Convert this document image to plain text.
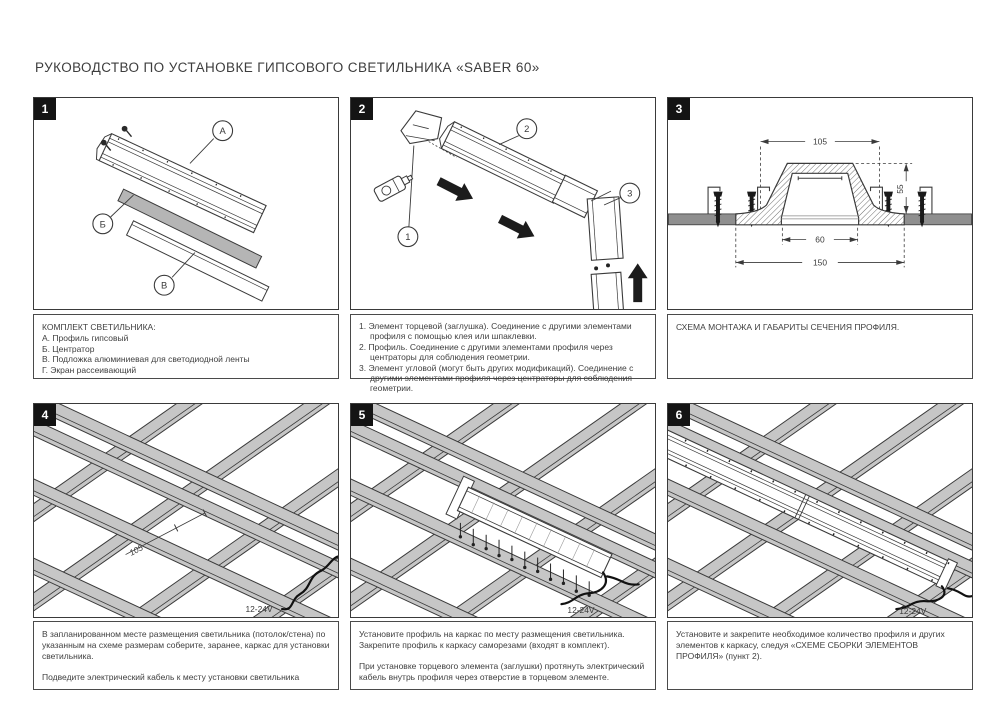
РУКОВОДСТВО ПО УСТАНОВКЕ ГИПСОВОГО СВЕТИЛЬНИКА «SABER 60»
1
А
Б
В
2
1
2
3
3
105
55
60
150
4
105
12-24V
5
12-24V
6
12-24V
КОМПЛЕКТ СВЕТИЛЬНИКА:
А. Профиль гипсовый
Б. Центратор
В. Подложка алюминиевая для светодиодной ленты
Г. Экран рассеивающий
1. Элемент торцевой (заглушка). Соединение с другими элементами профиля с помощью клея или шпаклевки.
2. Профиль. Соединение с другими элементами профиля через центраторы для соблюдения геометрии.
3. Элемент угловой (могут быть других модификаций). Соединение с другими элементами профиля через центраторы для соблюдения геометрии.
СХЕМА МОНТАЖА И ГАБАРИТЫ СЕЧЕНИЯ ПРОФИЛЯ.

В запланированном месте размещения светильника (потолок/стена) по указанным на схеме размерам соберите, заранее, каркас для установки светильника.

Подведите электрический кабель к месту установки светильника

Установите профиль на каркас по месту размещения светильника. Закрепите профиль к каркасу саморезами (входят в комплект).

При установке торцевого элемента (заглушки) протянуть электрический кабель внутрь профиля через отверстие в торцевом элементе.

Установите и закрепите необходимое количество профиля и других элементов к каркасу, следуя «СХЕМЕ СБОРКИ ЭЛЕМЕНТОВ ПРОФИЛЯ» (пункт 2).
